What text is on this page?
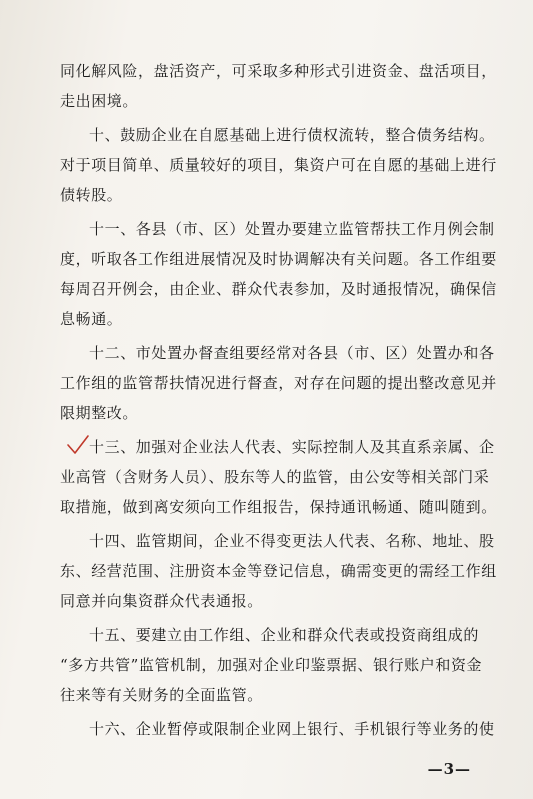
同化解风险，盘活资产，可采取多种形式引进资金、盘活项目，
走出困境。
十、鼓励企业在自愿基础上进行债权流转，整合债务结构。
对于项目简单、质量较好的项目，集资户可在自愿的基础上进行
债转股。
十一、各县（市、区）处置办要建立监管帮扶工作月例会制
度，听取各工作组进展情况及时协调解决有关问题。各工作组要
每周召开例会，由企业、群众代表参加，及时通报情况，确保信
息畅通。
十二、市处置办督查组要经常对各县（市、区）处置办和各
工作组的监管帮扶情况进行督查，对存在问题的提出整改意见并
限期整改。
十三、加强对企业法人代表、实际控制人及其直系亲属、企
业高管（含财务人员）、股东等人的监管，由公安等相关部门采
取措施，做到离安须向工作组报告，保持通讯畅通、随叫随到。
十四、监管期间，企业不得变更法人代表、名称、地址、股
东、经营范围、注册资本金等登记信息，确需变更的需经工作组
同意并向集资群众代表通报。
十五、要建立由工作组、企业和群众代表或投资商组成的
“多方共管”监管机制，加强对企业印鉴票据、银行账户和资金
往来等有关财务的全面监管。
十六、企业暂停或限制企业网上银行、手机银行等业务的使
—3—
